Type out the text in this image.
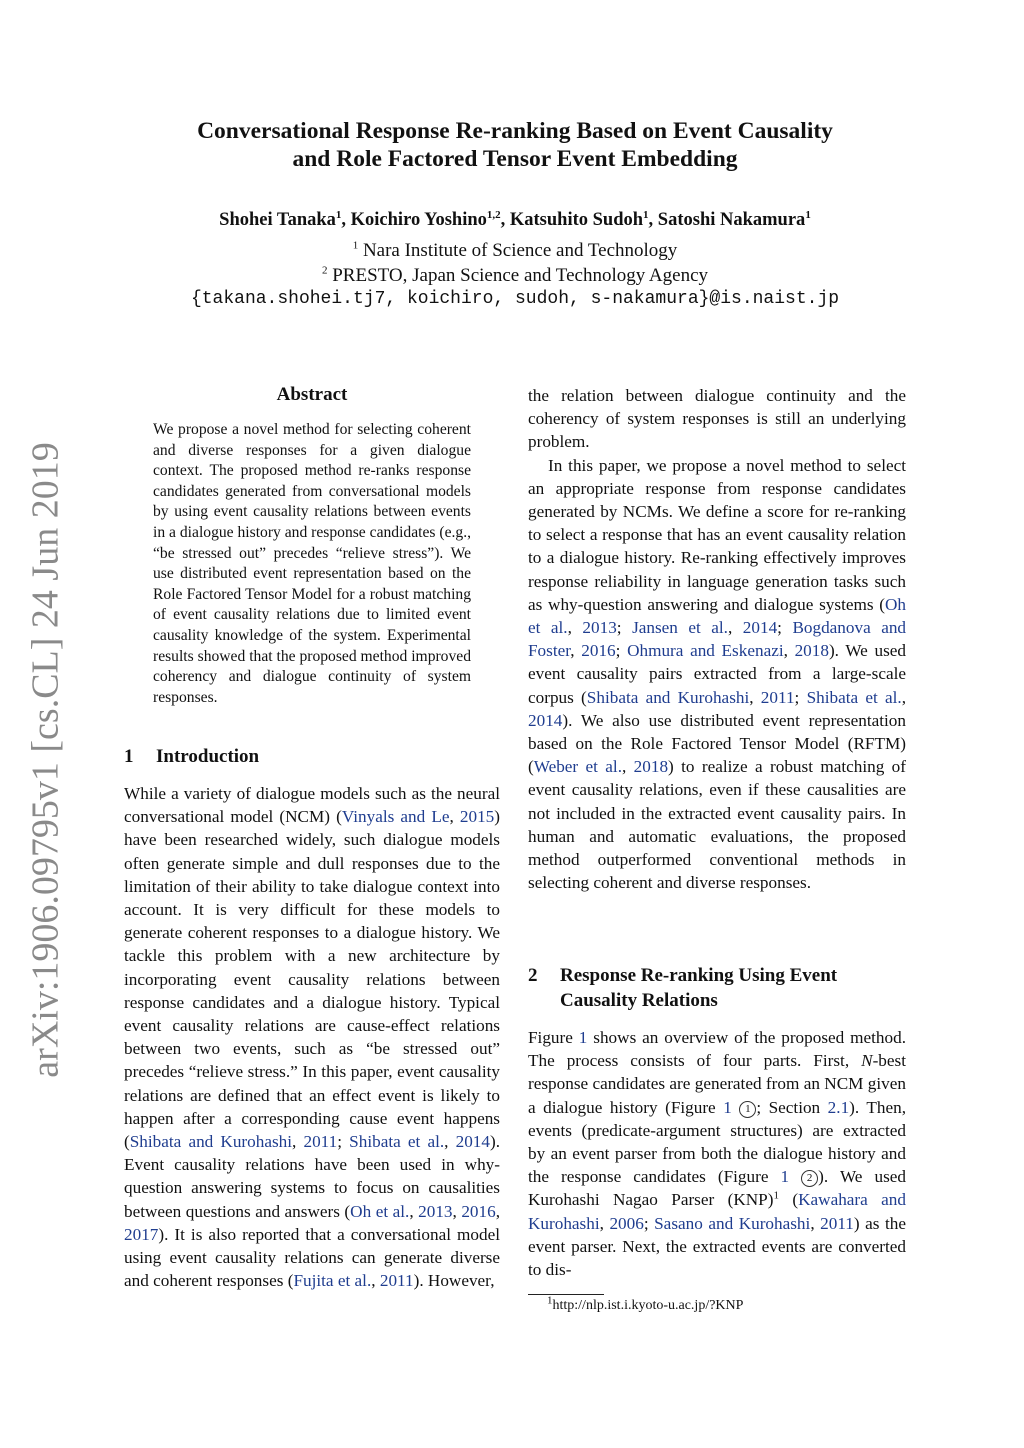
arXiv:1906.09795v1 [cs.CL] 24 Jun 2019
Conversational Response Re-ranking Based on Event Causality
and Role Factored Tensor Event Embedding
Shohei Tanaka$^1$, Koichiro Yoshino$^{1,2}$, Katsuhito Sudoh$^1$, Satoshi Nakamura$^1$
$^1$ Nara Institute of Science and Technology
$^2$ PRESTO, Japan Science and Technology Agency
{takana.shohei.tj7, koichiro, sudoh, s-nakamura}@is.naist.jp
Abstract
We propose a novel method for selecting coherent and diverse responses for a given dialogue context. The proposed method re-ranks response candidates generated from conversational models by using event causality relations between events in a dialogue history and response candidates (e.g., “be stressed out” precedes “relieve stress”). We use distributed event representation based on the Role Factored Tensor Model for a robust matching of event causality relations due to limited event causality knowledge of the system. Experimental results showed that the proposed method improved coherency and dialogue continuity of system responses.
1 Introduction

While a variety of dialogue models such as the neural conversational model (NCM) (Vinyals and Le, 2015) have been researched widely, such dialogue models often generate simple and dull responses due to the limitation of their ability to take dialogue context into account. It is very difficult for these models to generate coherent responses to a dialogue history. We tackle this problem with a new architecture by incorporating event causality relations between response candidates and a dialogue history. Typical event causality relations are cause-effect relations between two events, such as “be stressed out” precedes “relieve stress.” In this paper, event causality relations are defined that an effect event is likely to happen after a corresponding cause event happens (Shibata and Kurohashi, 2011; Shibata et al., 2014). Event causality relations have been used in why-question answering systems to focus on causalities between questions and answers (Oh et al., 2013, 2016, 2017). It is also reported that a conversational model using event causality relations can generate diverse and coherent responses (Fujita et al., 2011). However,

the relation between dialogue continuity and the coherency of system responses is still an underlying problem.

In this paper, we propose a novel method to select an appropriate response from response candidates generated by NCMs. We define a score for re-ranking to select a response that has an event causality relation to a dialogue history. Re-ranking effectively improves response reliability in language generation tasks such as why-question answering and dialogue systems (Oh et al., 2013; Jansen et al., 2014; Bogdanova and Foster, 2016; Ohmura and Eskenazi, 2018). We used event causality pairs extracted from a large-scale corpus (Shibata and Kurohashi, 2011; Shibata et al., 2014). We also use distributed event representation based on the Role Factored Tensor Model (RFTM) (Weber et al., 2018) to realize a robust matching of event causality relations, even if these causalities are not included in the extracted event causality pairs. In human and automatic evaluations, the proposed method outperformed conventional methods in selecting coherent and diverse responses.

2 Response Re-ranking Using Event
Causality Relations

Figure 1 shows an overview of the proposed method. The process consists of four parts. First, N-best response candidates are generated from an NCM given a dialogue history (Figure 1 1 ; Section 2.1). Then, events (predicate-argument structures) are extracted by an event parser from both the dialogue history and the response candidates (Figure 1 2 ). We used Kurohashi Nagao Parser (KNP)$^1$ (Kawahara and Kurohashi, 2006; Sasano and Kurohashi, 2011) as the event parser. Next, the extracted events are converted to dis-

$^1$http://nlp.ist.i.kyoto-u.ac.jp/?KNP
